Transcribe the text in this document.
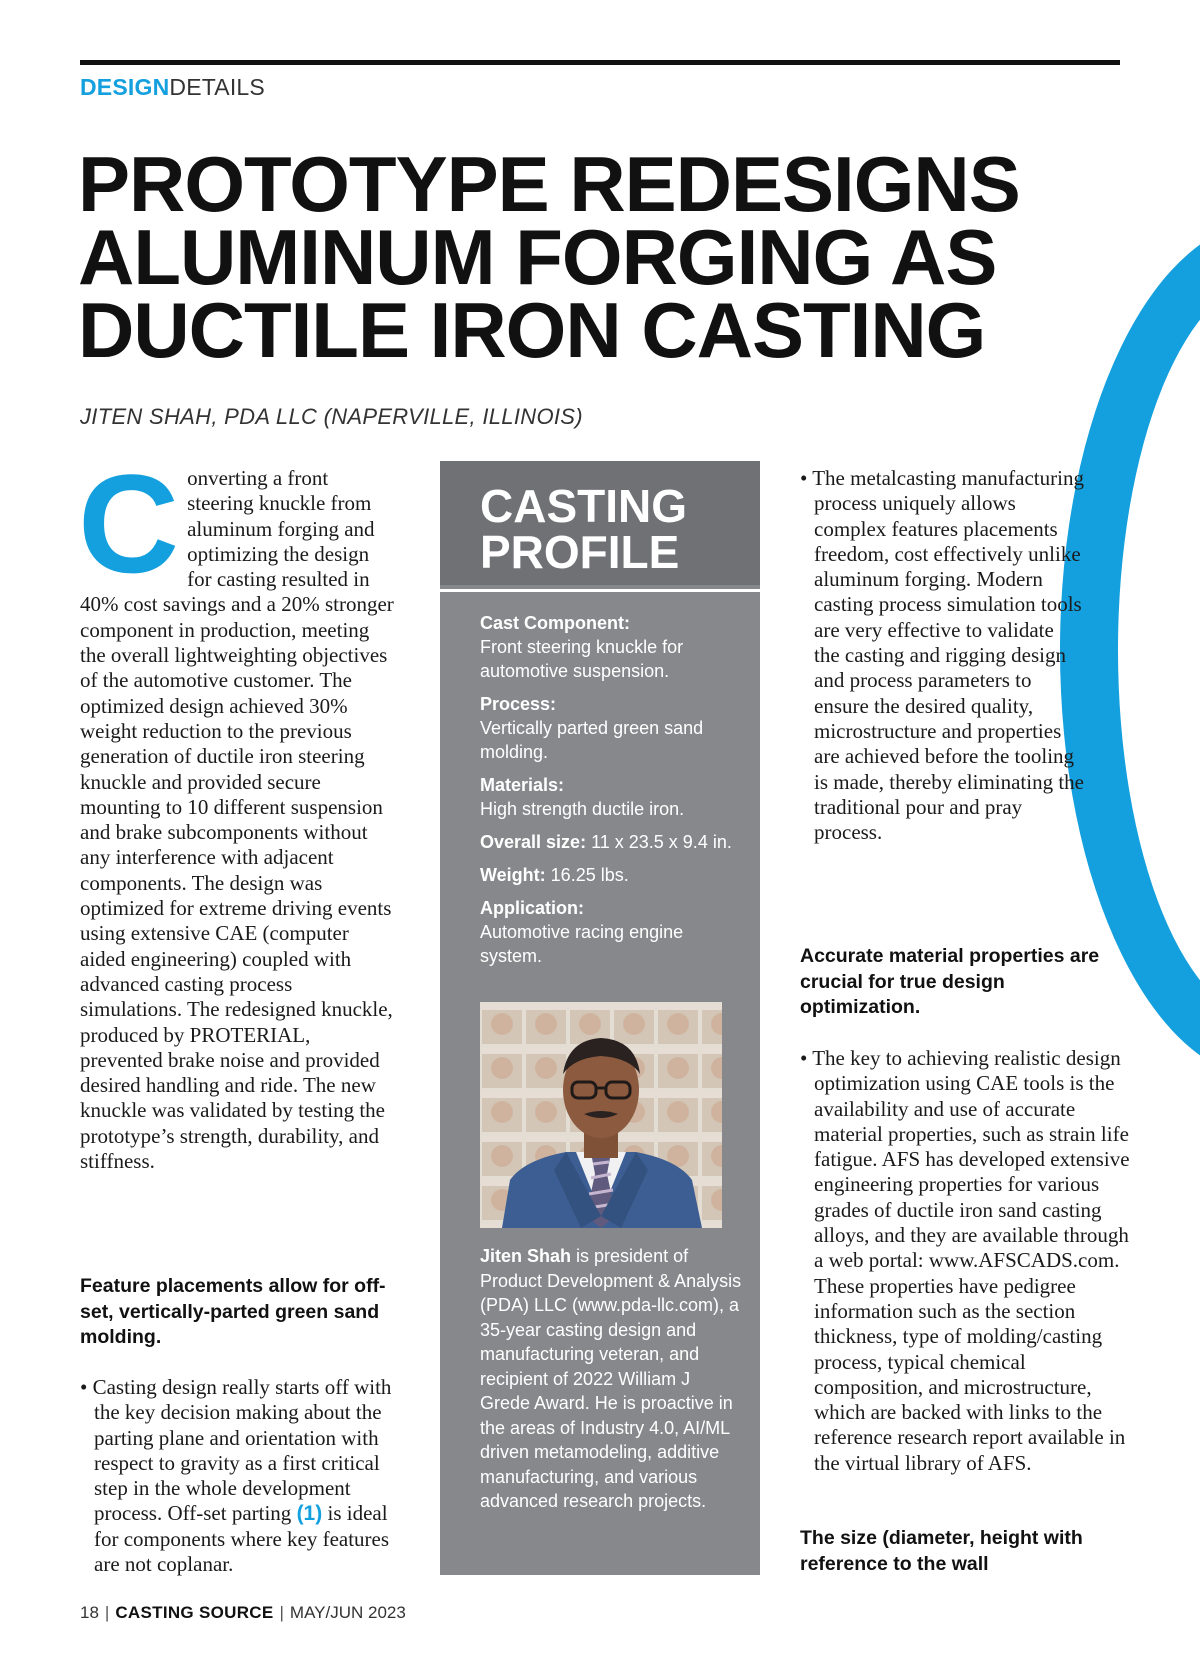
DESIGNDETAILS
PROTOTYPE REDESIGNS
ALUMINUM FORGING AS
DUCTILE IRON CASTING
JITEN SHAH, PDA LLC (NAPERVILLE, ILLINOIS)

Converting a front steering knuckle from aluminum forging and optimizing the design for casting resulted in 40% cost savings and a 20% stronger component in production, meeting the overall lightweighting objectives of the automotive customer. The optimized design achieved 30% weight reduction to the previous generation of ductile iron steering knuckle and provided secure mounting to 10 different suspension and brake subcomponents without any interference with adjacent components. The design was optimized for extreme driving events using extensive CAE (computer aided engineering) coupled with advanced casting process simulations. The redesigned knuckle, produced by PROTERIAL, prevented brake noise and provided desired handling and ride. The new knuckle was validated by testing the prototype’s strength, durability, and stiffness.

Feature placements allow for off-set, vertically-parted green sand molding.

• Casting design really starts off with the key decision making about the parting plane and orientation with respect to gravity as a first critical step in the whole development process. Off-set parting (1) is ideal for components where key features are not coplanar.

CASTING
PROFILE

Cast Component:
Front steering knuckle for automotive suspension.

Process:
Vertically parted green sand molding.

Materials:
High strength ductile iron.

Overall size: 11 x 23.5 x 9.4 in.

Weight: 16.25 lbs.

Application:
Automotive racing engine system.

Jiten Shah is president of Product Development & Analysis (PDA) LLC (www.pda-llc.com), a 35-year casting design and manufacturing veteran, and recipient of 2022 William J Grede Award. He is proactive in the areas of Industry 4.0, AI/ML driven metamodeling, additive manufacturing, and various advanced research projects.

• The metalcasting manufacturing process uniquely allows complex features placements freedom, cost effectively unlike aluminum forging. Modern casting process simulation tools are very effective to validate the casting and rigging design and process parameters to ensure the desired quality, microstructure and properties are achieved before the tooling is made, thereby eliminating the traditional pour and pray process.

Accurate material properties are crucial for true design optimization.

• The key to achieving realistic design optimization using CAE tools is the availability and use of accurate material properties, such as strain life fatigue. AFS has developed extensive engineering properties for various grades of ductile iron sand casting alloys, and they are available through a web portal: www.AFSCADS.com. These properties have pedigree information such as the section thickness, type of molding/casting process, typical chemical composition, and microstructure, which are backed with links to the reference research report available in the virtual library of AFS.

The size (diameter, height with reference to the wall

18 | CASTING SOURCE | MAY/JUN 2023
